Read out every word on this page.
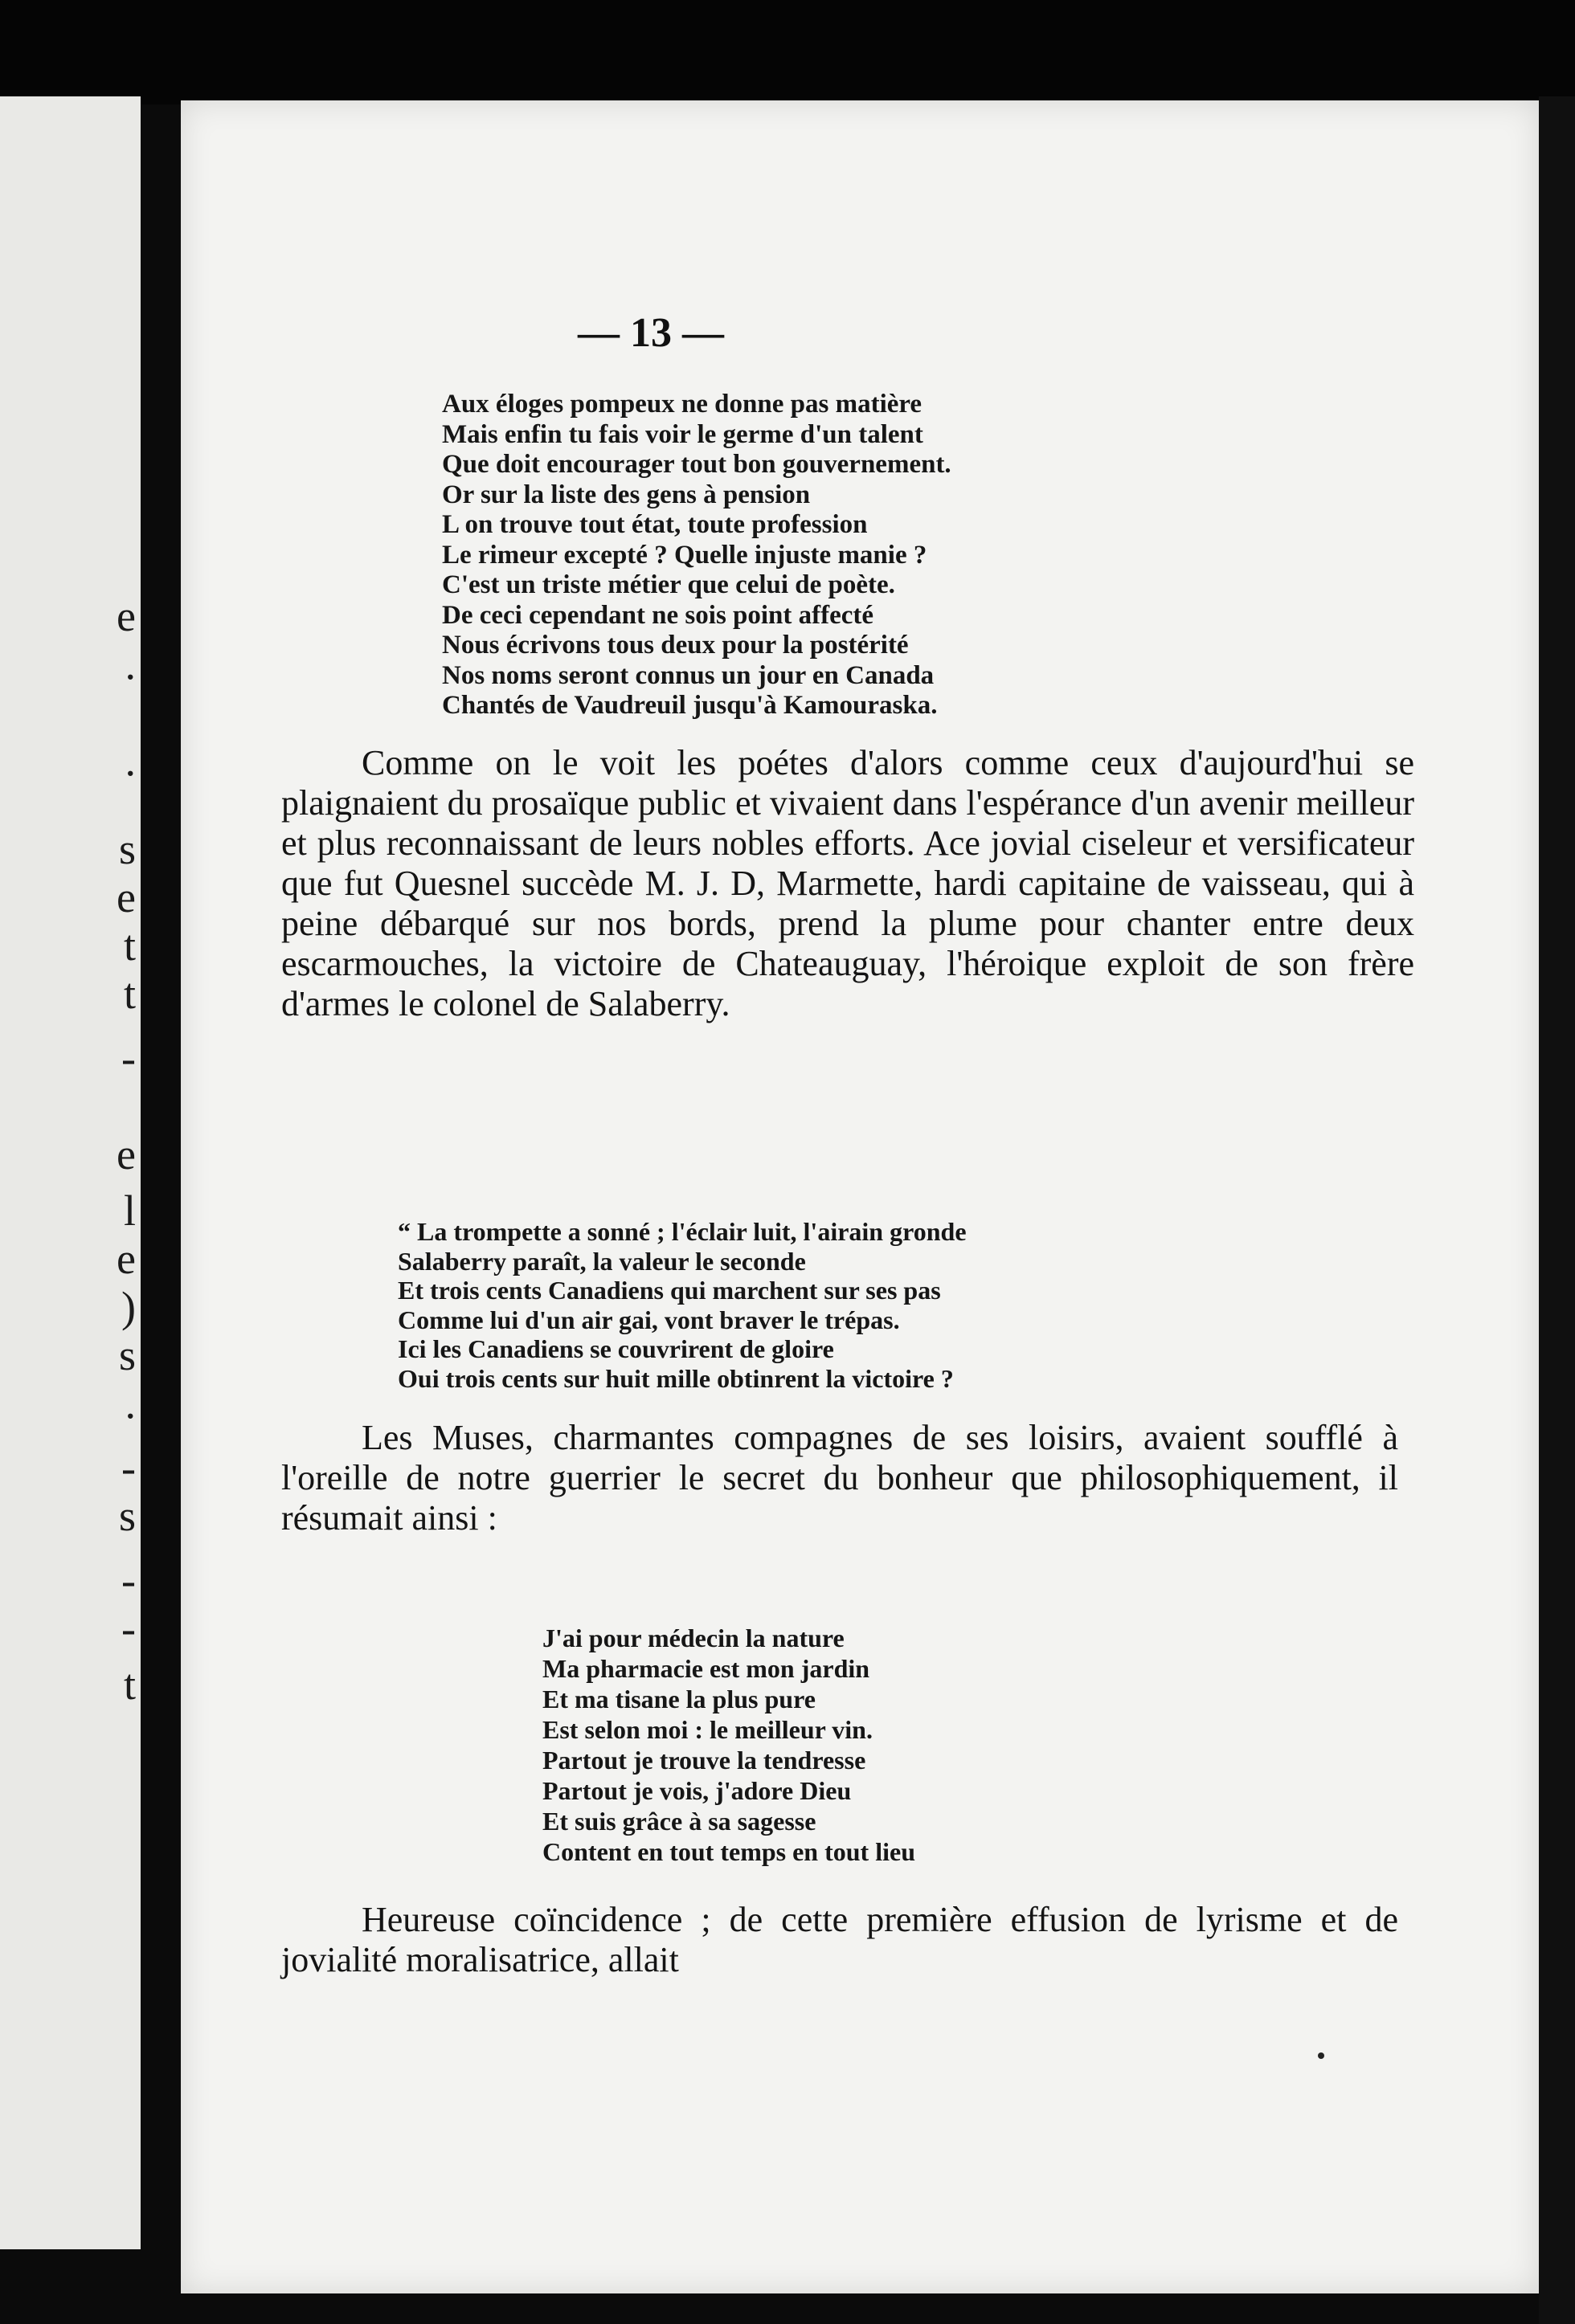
e
.
.
s
e
t
t
-
e
l
e
)
s
.
-
s
-
-
t
— 13 —
Aux éloges pompeux ne donne pas matière
Mais enfin tu fais voir le germe d'un talent
Que doit encourager tout bon gouvernement.
Or sur la liste des gens à pension
L on trouve tout état, toute profession
Le rimeur excepté ? Quelle injuste manie ?
C'est un triste métier que celui de poète.
De ceci cependant ne sois point affecté
Nous écrivons tous deux pour la postérité
Nos noms seront connus un jour en Canada
Chantés de Vaudreuil jusqu'à Kamouraska.

Comme on le voit les poétes d'alors comme ceux d'aujourd'hui se plaignaient du prosaïque public et vivaient dans l'espérance d'un avenir meilleur et plus reconnaissant de leurs nobles efforts. Ace jovial ciseleur et versificateur que fut Quesnel succède M. J. D, Marmette, hardi capitaine de vaisseau, qui à peine débarqué sur nos bords, prend la plume pour chanter entre deux escarmouches, la victoire de Chateauguay, l'héroique exploit de son frère d'armes le colonel de Salaberry.

“ La trompette a sonné ; l'éclair luit, l'airain gronde
Salaberry paraît, la valeur le seconde
Et trois cents Canadiens qui marchent sur ses pas
Comme lui d'un air gai, vont braver le trépas.
Ici les Canadiens se couvrirent de gloire
Oui trois cents sur huit mille obtinrent la victoire ?

Les Muses, charmantes compagnes de ses loisirs, avaient soufflé à l'oreille de notre guerrier le secret du bonheur que philosophiquement, il résumait ainsi :

J'ai pour médecin la nature
Ma pharmacie est mon jardin
Et ma tisane la plus pure
Est selon moi : le meilleur vin.
Partout je trouve la tendresse
Partout je vois, j'adore Dieu
Et suis grâce à sa sagesse
Content en tout temps en tout lieu

Heureuse coïncidence ; de cette première effusion de lyrisme et de jovialité moralisatrice, allait
